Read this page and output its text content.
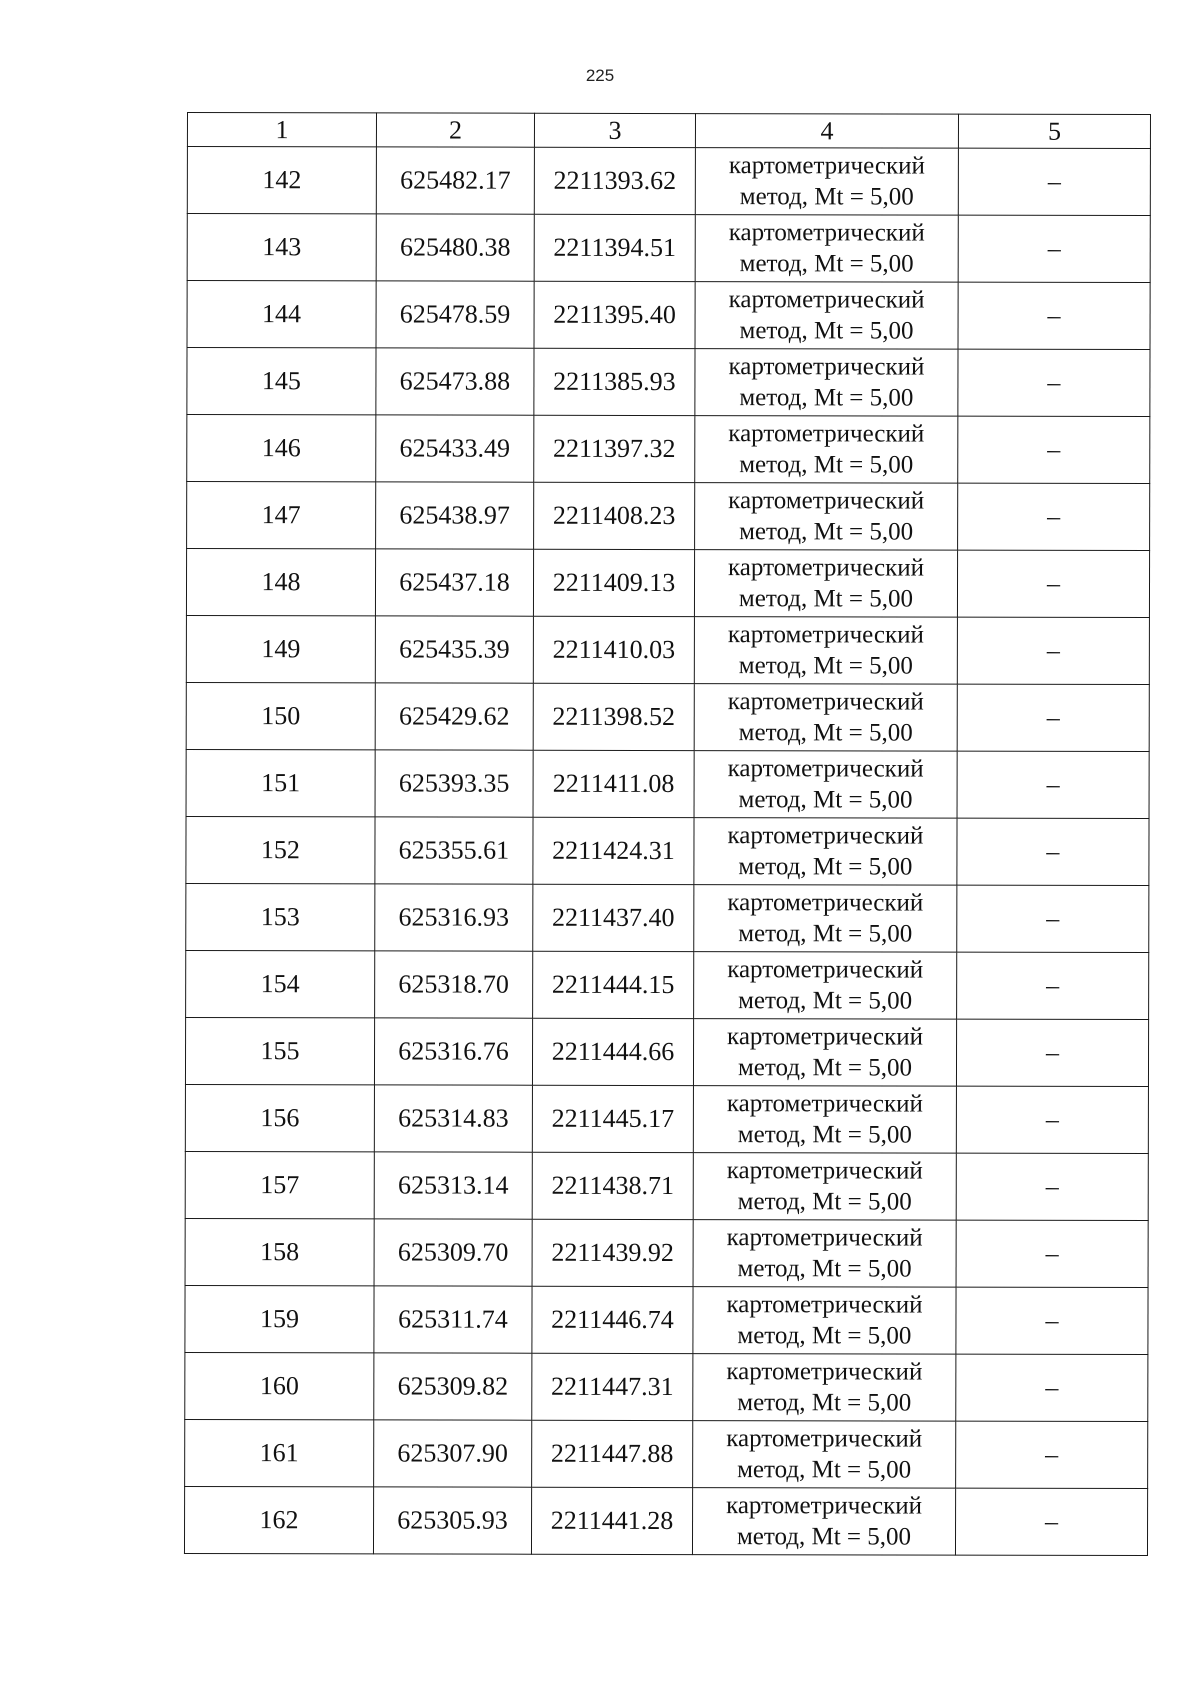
225
1	2	3	4	5
142	625482.17	2211393.62	картометрический
метод, Mt = 5,00	–
143	625480.38	2211394.51	картометрический
метод, Mt = 5,00	–
144	625478.59	2211395.40	картометрический
метод, Mt = 5,00	–
145	625473.88	2211385.93	картометрический
метод, Mt = 5,00	–
146	625433.49	2211397.32	картометрический
метод, Mt = 5,00	–
147	625438.97	2211408.23	картометрический
метод, Mt = 5,00	–
148	625437.18	2211409.13	картометрический
метод, Mt = 5,00	–
149	625435.39	2211410.03	картометрический
метод, Mt = 5,00	–
150	625429.62	2211398.52	картометрический
метод, Mt = 5,00	–
151	625393.35	2211411.08	картометрический
метод, Mt = 5,00	–
152	625355.61	2211424.31	картометрический
метод, Mt = 5,00	–
153	625316.93	2211437.40	картометрический
метод, Mt = 5,00	–
154	625318.70	2211444.15	картометрический
метод, Mt = 5,00	–
155	625316.76	2211444.66	картометрический
метод, Mt = 5,00	–
156	625314.83	2211445.17	картометрический
метод, Mt = 5,00	–
157	625313.14	2211438.71	картометрический
метод, Mt = 5,00	–
158	625309.70	2211439.92	картометрический
метод, Mt = 5,00	–
159	625311.74	2211446.74	картометрический
метод, Mt = 5,00	–
160	625309.82	2211447.31	картометрический
метод, Mt = 5,00	–
161	625307.90	2211447.88	картометрический
метод, Mt = 5,00	–
162	625305.93	2211441.28	картометрический
метод, Mt = 5,00	–
